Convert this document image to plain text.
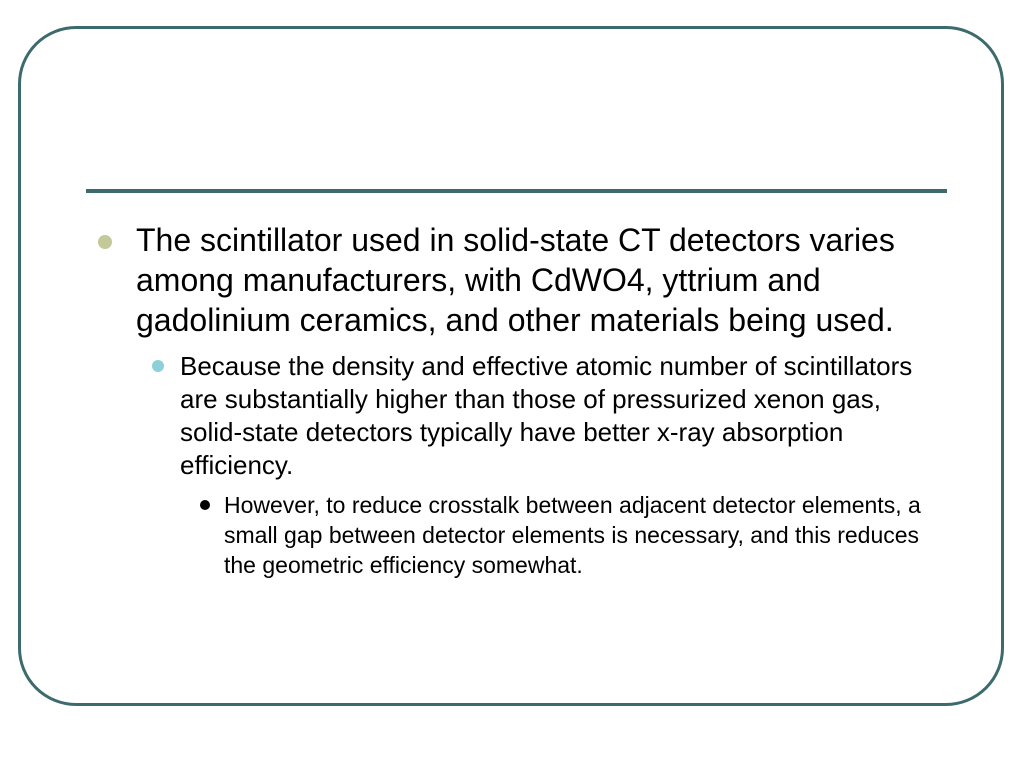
The scintillator used in solid-state CT detectors varies among manufacturers, with CdWO4, yttrium and gadolinium ceramics, and other materials being used.
Because the density and effective atomic number of scintillators are substantially higher than those of pressurized xenon gas, solid-state detectors typically have better x-ray absorption efficiency.
However, to reduce crosstalk between adjacent detector elements, a small gap between detector elements is necessary, and this reduces the geometric efficiency somewhat.
